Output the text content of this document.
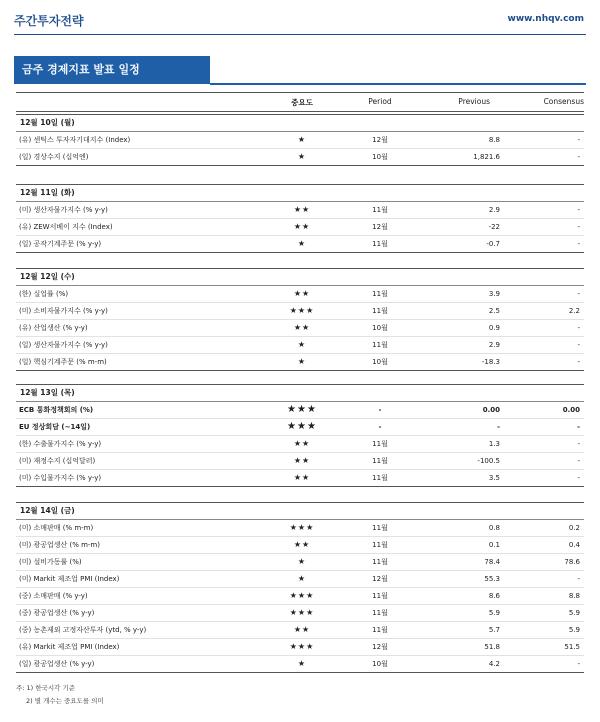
주간투자전략	www.nhqv.com
금주 경제지표 발표 일정
중요도	Period	Previous	Consensus
12월 10일 (월)
(유) 센틱스 투자자기대지수 (Index)	★	12월	8.8	-
(일) 경상수지 (십억엔)	★	10월	1,821.6	-
12월 11일 (화)
(미) 생산자물가지수 (% y-y)	★★	11월	2.9	-
(유) ZEW서베이 지수 (Index)	★★	12월	-22	-
(일) 공작기계주문 (% y-y)	★	11월	-0.7	-
12월 12일 (수)
(한) 실업률 (%)	★★	11월	3.9	-
(미) 소비자물가지수 (% y-y)	★★★	11월	2.5	2.2
(유) 산업생산 (% y-y)	★★	10월	0.9	-
(일) 생산자물가지수 (% y-y)	★	11월	2.9	-
(일) 핵심기계주문 (% m-m)	★	10월	-18.3	-
12월 13일 (목)
ECB 통화정책회의 (%)	★★★	-	0.00	0.00
EU 정상회담 (~14일)	★★★	-	-	-
(한) 수출물가지수 (% y-y)	★★	11월	1.3	-
(미) 재정수지 (십억달러)	★★	11월	-100.5	-
(미) 수입물가지수 (% y-y)	★★	11월	3.5	-
12월 14일 (금)
(미) 소매판매 (% m-m)	★★★	11월	0.8	0.2
(미) 광공업생산 (% m-m)	★★	11월	0.1	0.4
(미) 설비가동률 (%)	★	11월	78.4	78.6
(미) Markit 제조업 PMI (Index)	★	12월	55.3	-
(중) 소매판매 (% y-y)	★★★	11월	8.6	8.8
(중) 광공업생산 (% y-y)	★★★	11월	5.9	5.9
(중) 농촌제외 고정자산투자 (ytd, % y-y)	★★	11월	5.7	5.9
(유) Markit 제조업 PMI (Index)	★★★	12월	51.8	51.5
(일) 광공업생산 (% y-y)	★	10월	4.2	-
주: 1) 한국시각 기준
2) 별 개수는 중요도를 의미
